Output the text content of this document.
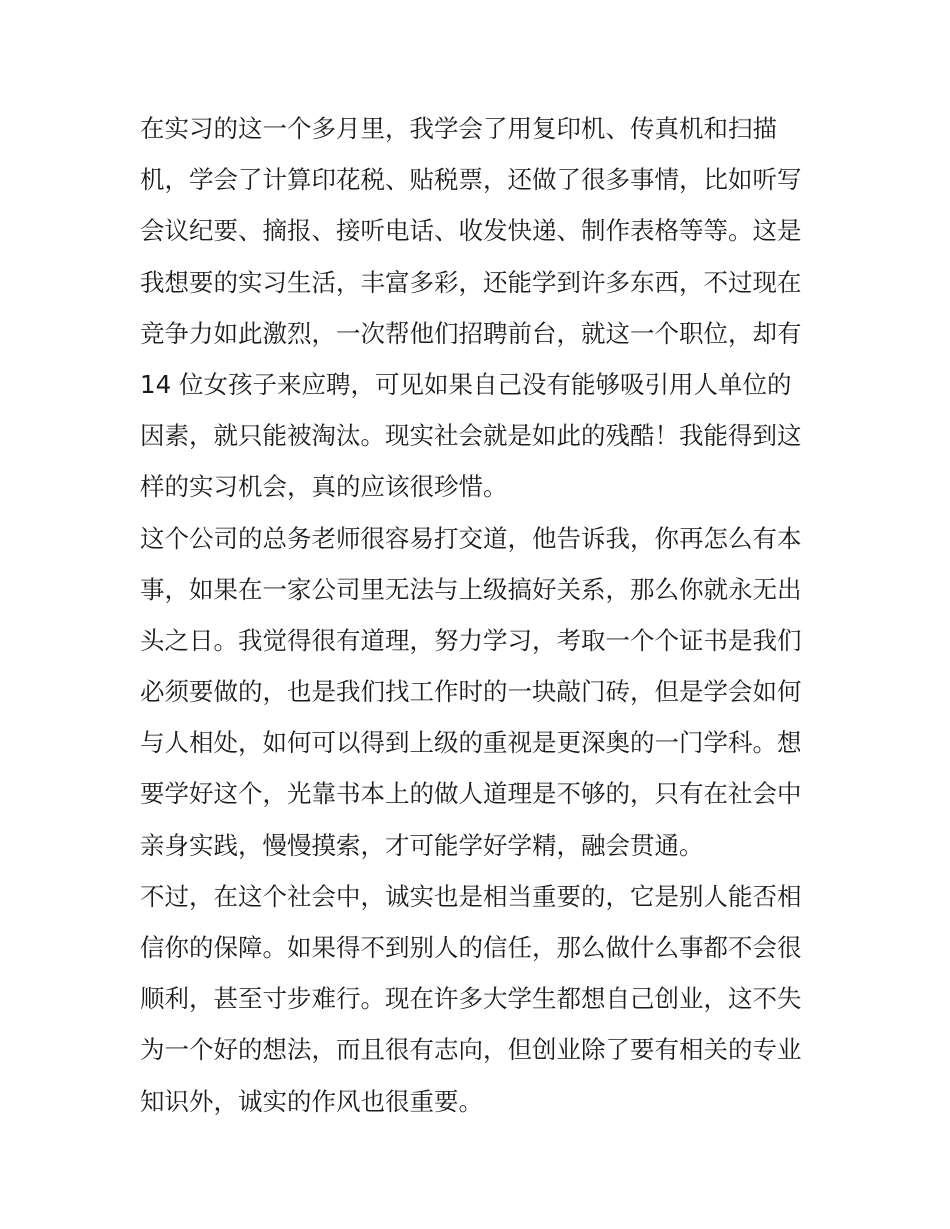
在实习的这一个多月里，我学会了用复印机、传真机和扫描
机，学会了计算印花税、贴税票，还做了很多事情，比如听写
会议纪要、摘报、接听电话、收发快递、制作表格等等。这是
我想要的实习生活，丰富多彩，还能学到许多东西，不过现在
竞争力如此激烈，一次帮他们招聘前台，就这一个职位，却有
14 位女孩子来应聘，可见如果自己没有能够吸引用人单位的
因素，就只能被淘汰。现实社会就是如此的残酷！我能得到这
样的实习机会，真的应该很珍惜。
这个公司的总务老师很容易打交道，他告诉我，你再怎么有本
事，如果在一家公司里无法与上级搞好关系，那么你就永无出
头之日。我觉得很有道理，努力学习，考取一个个证书是我们
必须要做的，也是我们找工作时的一块敲门砖，但是学会如何
与人相处，如何可以得到上级的重视是更深奥的一门学科。想
要学好这个，光靠书本上的做人道理是不够的，只有在社会中
亲身实践，慢慢摸索，才可能学好学精，融会贯通。
不过，在这个社会中，诚实也是相当重要的，它是别人能否相
信你的保障。如果得不到别人的信任，那么做什么事都不会很
顺利，甚至寸步难行。现在许多大学生都想自己创业，这不失
为一个好的想法，而且很有志向，但创业除了要有相关的专业
知识外，诚实的作风也很重要。
